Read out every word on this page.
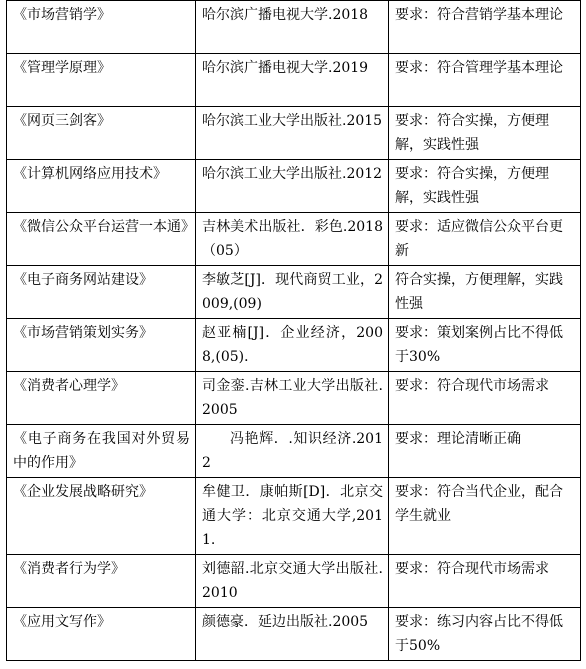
《市场营销学》	哈尔滨广播电视大学.2018	要求：符合营销学基本理论
《管理学原理》	哈尔滨广播电视大学.2019	要求：符合管理学基本理论
《网页三剑客》	哈尔滨工业大学出版社.2015	要求：符合实操，方便理解，实践性强
《计算机网络应用技术》	哈尔滨工业大学出版社.2012	要求：符合实操，方便理解，实践性强
《微信公众平台运营一本通》	吉林美术出版社．彩色.2018（05）	要求：适应微信公众平台更新
《电子商务网站建设》	李敏芝[J]．现代商贸工业，2009,(09)	符合实操，方便理解，实践性强
《市场营销策划实务》	赵亚楠[J]．企业经济，2008,(05)．	要求：策划案例占比不得低于30%
《消费者心理学》	司金銮.吉林工业大学出版社.2005	要求：符合现代市场需求
《电子商务在我国对外贸易中的作用》	冯艳辉．.知识经济.2012	要求：理论清晰正确
《企业发展战略研究》	牟健卫．康帕斯[D]．北京交通大学：北京交通大学,2011.	要求：符合当代企业，配合学生就业
《消费者行为学》	刘德韶.北京交通大学出版社.2010	要求：符合现代市场需求
《应用文写作》	颜德豪．延边出版社.2005	要求：练习内容占比不得低于50%
